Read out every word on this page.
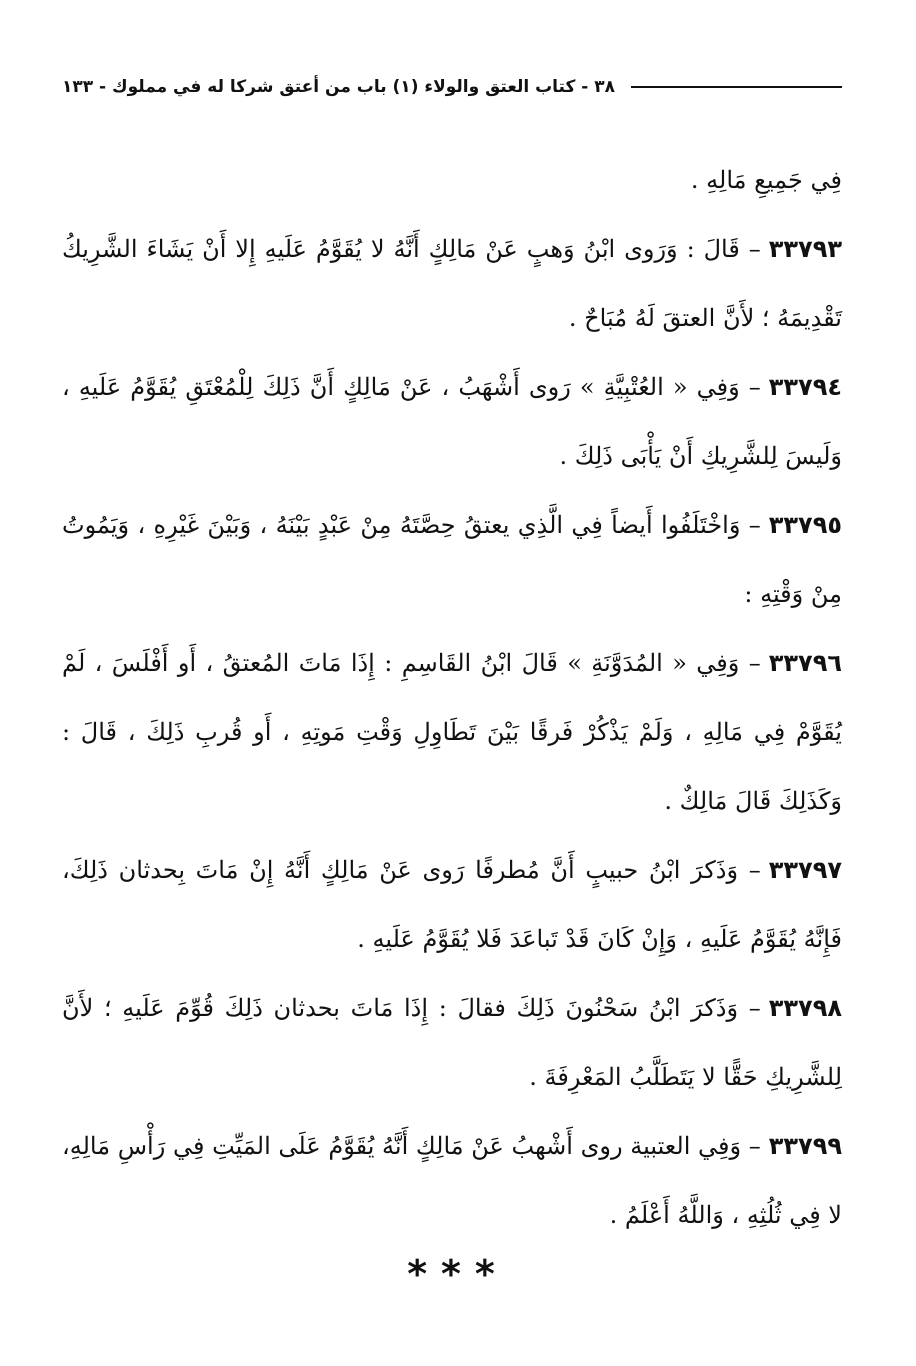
٣٨ - كتاب العتق والولاء (١) باب من أعتق شركا له في مملوك - ١٣٣

فِي جَمِيعِ مَالِهِ .

٣٣٧٩٣– قَالَ : وَرَوى ابْنُ وَهبٍ عَنْ مَالِكٍ أَنَّهُ لا يُقَوَّمُ عَلَيهِ إِلا أَنْ يَشَاءَ الشَّرِيكُ تَقْدِيمَهُ ؛ لأَنَّ العتقَ لَهُ مُبَاحٌ .

٣٣٧٩٤– وَفِي « العُتْبِيَّةِ » رَوى أَشْهَبُ ، عَنْ مَالِكٍ أَنَّ ذَلِكَ لِلْمُعْتَقِ يُقَوَّمُ عَلَيهِ ، وَلَيسَ لِلشَّرِيكِ أَنْ يَأْبَى ذَلِكَ .

٣٣٧٩٥– وَاخْتَلَفُوا أَيضاً فِي الَّذِي يعتقُ حِصَّتَهُ مِنْ عَبْدٍ بَيْنَهُ ، وَبَيْنَ غَيْرِهِ ، وَيَمُوتُ مِنْ وَقْتِهِ :

٣٣٧٩٦– وَفِي « المُدَوَّنَةِ » قَالَ ابْنُ القَاسِمِ : إِذَا مَاتَ المُعتقُ ، أَو أَفْلَسَ ، لَمْ يُقَوَّمْ فِي مَالِهِ ، وَلَمْ يَذْكُرْ فَرقًا بَيْنَ تَطَاوِلِ وَقْتِ مَوتِهِ ، أَو قُربِ ذَلِكَ ، قَالَ : وَكَذَلِكَ قَالَ مَالِكٌ .

٣٣٧٩٧– وَذَكرَ ابْنُ حبيبٍ أَنَّ مُطرفًا رَوى عَنْ مَالِكٍ أَنَّهُ إِنْ مَاتَ بِحدثان ذَلِكَ، فَإِنَّهُ يُقَوَّمُ عَلَيهِ ، وَإِنْ كَانَ قَدْ تَباعَدَ فَلا يُقَوَّمُ عَلَيهِ .

٣٣٧٩٨– وَذَكرَ ابْنُ سَحْنُونَ ذَلِكَ فقالَ : إِذَا مَاتَ بحدثان ذَلِكَ قُوِّمَ عَلَيهِ ؛ لأَنَّ لِلشَّرِيكِ حَقًّا لا يَتَطَلَّبُ المَعْرِفَةَ .

٣٣٧٩٩– وَفِي العتبية روى أَشْهبُ عَنْ مَالِكٍ أَنَّهُ يُقَوَّمُ عَلَى المَيِّتِ فِي رَأْسِ مَالِهِ، لا فِي ثُلُثِهِ ، وَاللَّهُ أَعْلَمُ .

***
